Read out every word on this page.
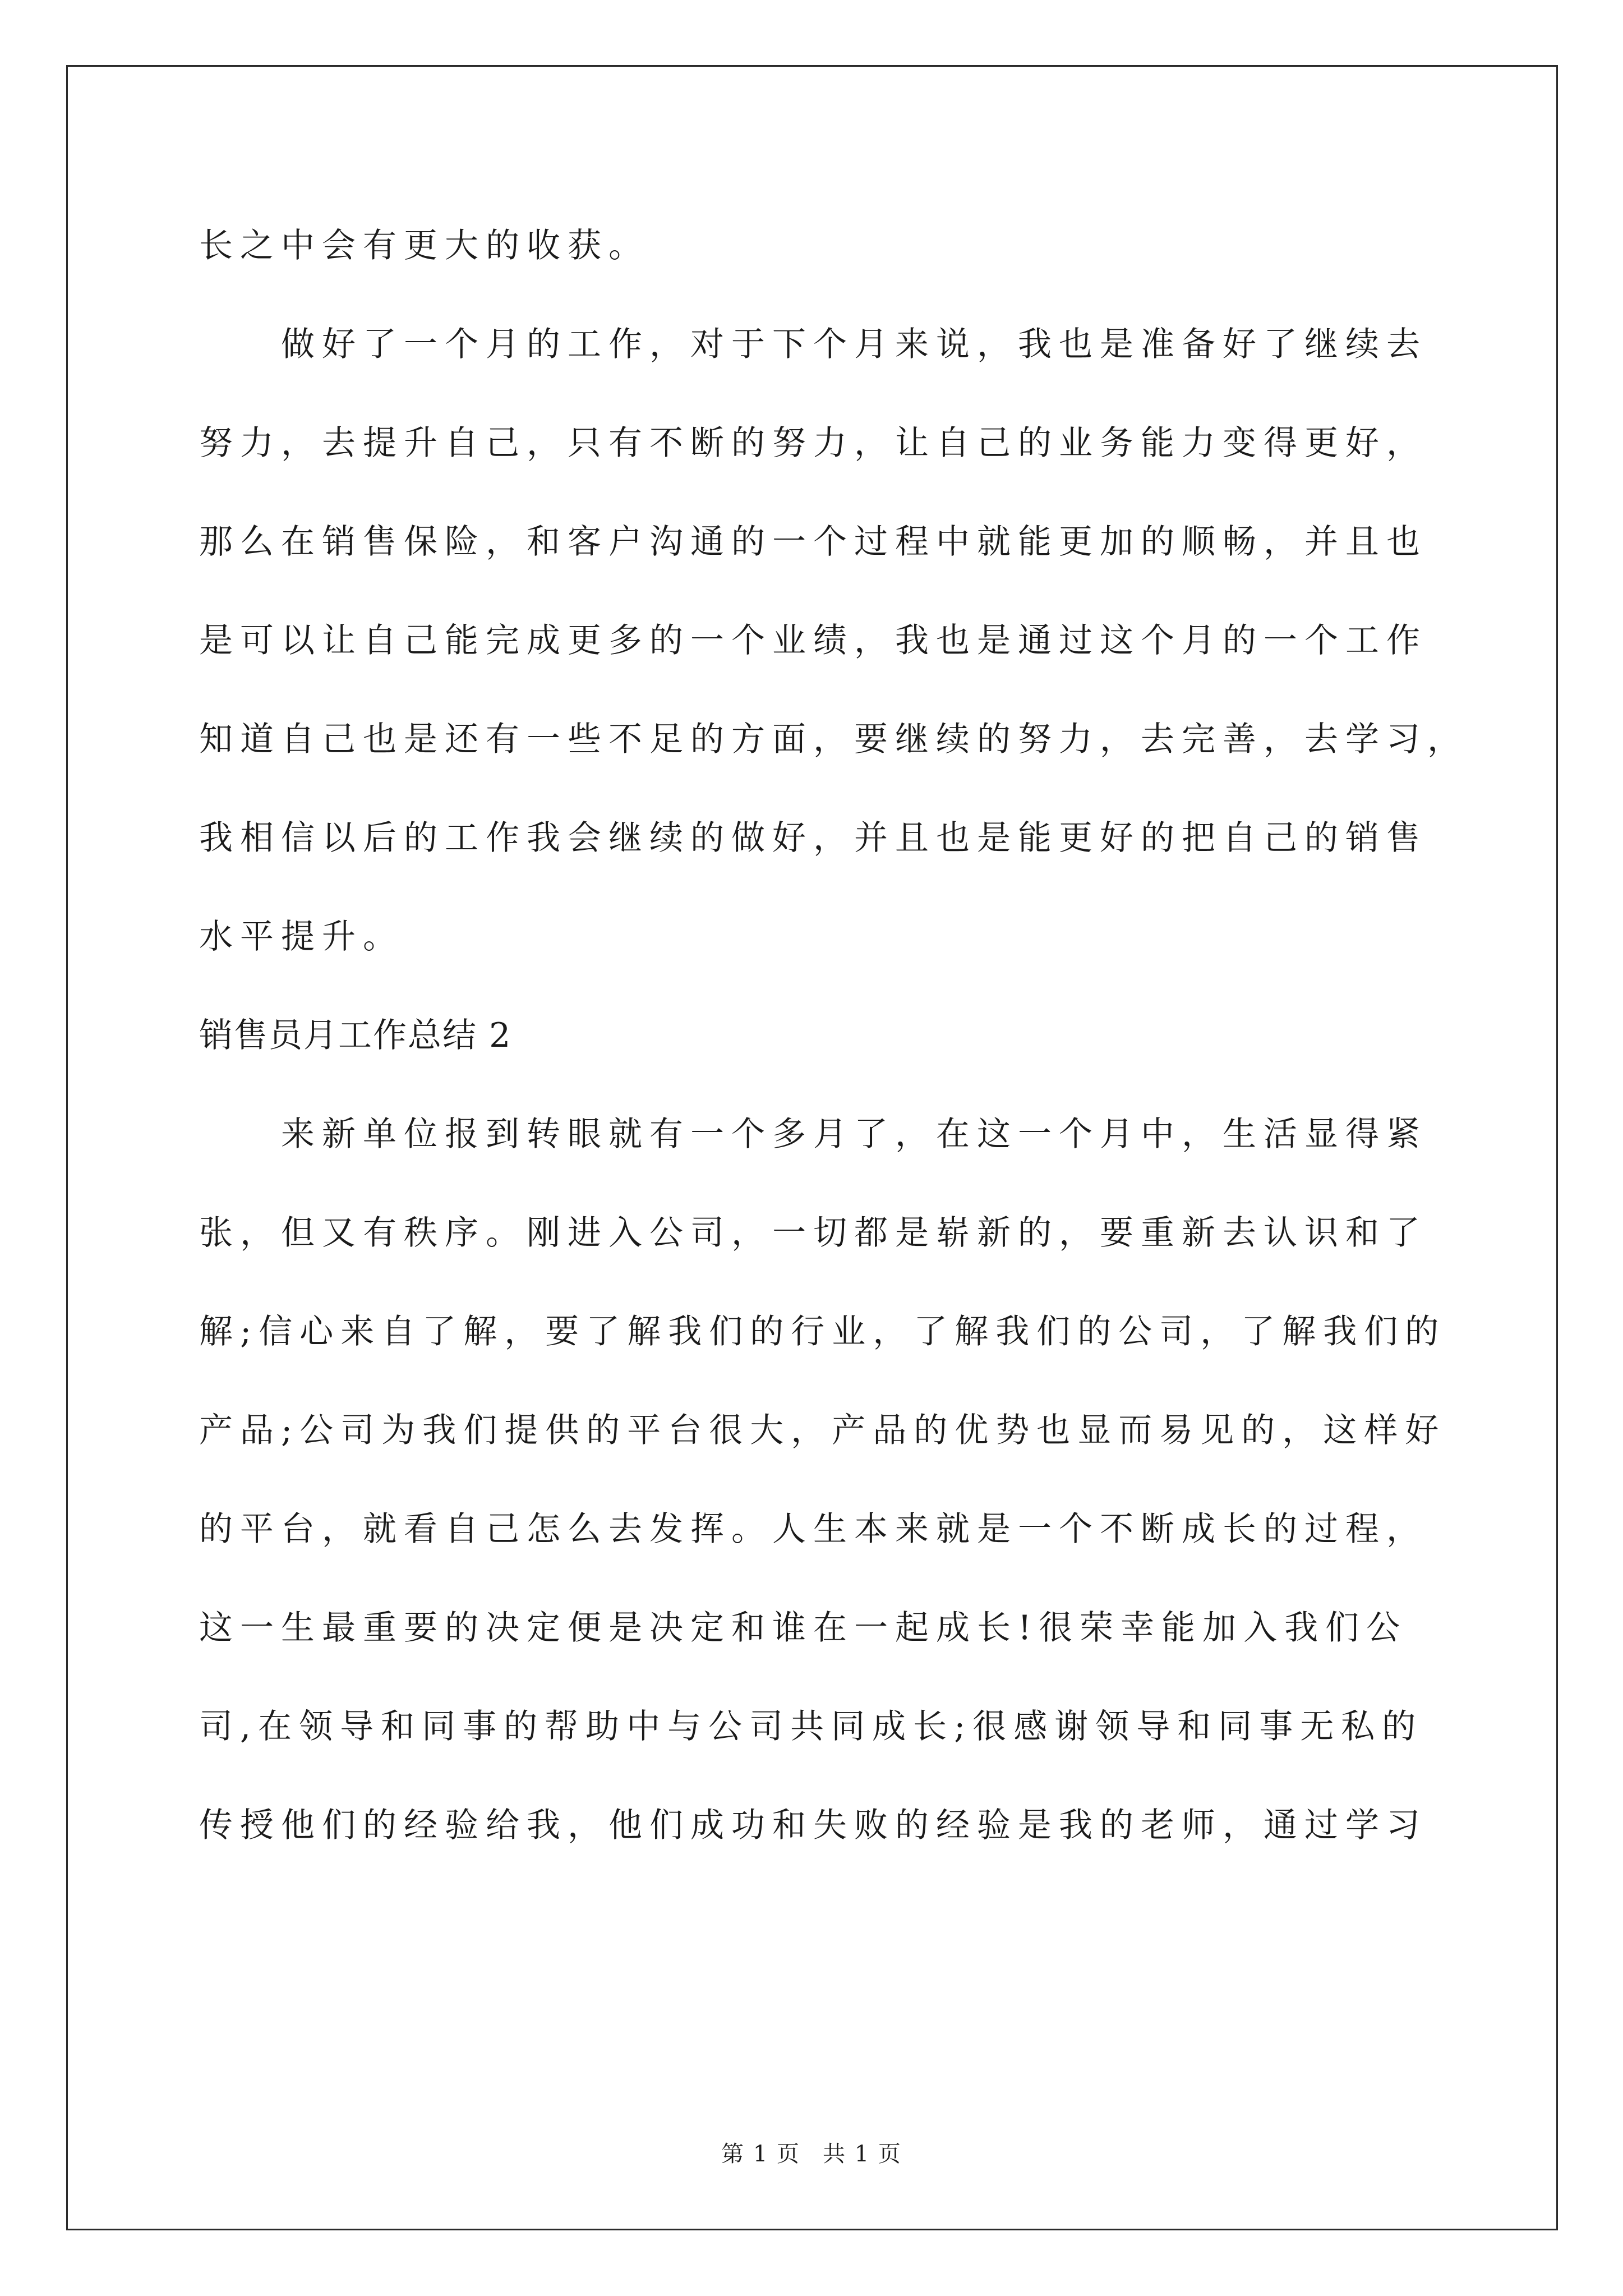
长之中会有更大的收获。
做好了一个月的工作，对于下个月来说，我也是准备好了继续去
努力，去提升自己，只有不断的努力，让自己的业务能力变得更好，
那么在销售保险，和客户沟通的一个过程中就能更加的顺畅，并且也
是可以让自己能完成更多的一个业绩，我也是通过这个月的一个工作
知道自己也是还有一些不足的方面，要继续的努力，去完善，去学习，
我相信以后的工作我会继续的做好，并且也是能更好的把自己的销售
水平提升。
销售员月工作总结 2
来新单位报到转眼就有一个多月了，在这一个月中，生活显得紧
张，但又有秩序。刚进入公司，一切都是崭新的，要重新去认识和了
解;信心来自了解，要了解我们的行业，了解我们的公司，了解我们的
产品;公司为我们提供的平台很大，产品的优势也显而易见的，这样好
的平台，就看自己怎么去发挥。人生本来就是一个不断成长的过程，
这一生最重要的决定便是决定和谁在一起成长!很荣幸能加入我们公
司,在领导和同事的帮助中与公司共同成长;很感谢领导和同事无私的
传授他们的经验给我，他们成功和失败的经验是我的老师，通过学习
第 1 页 共 1 页
